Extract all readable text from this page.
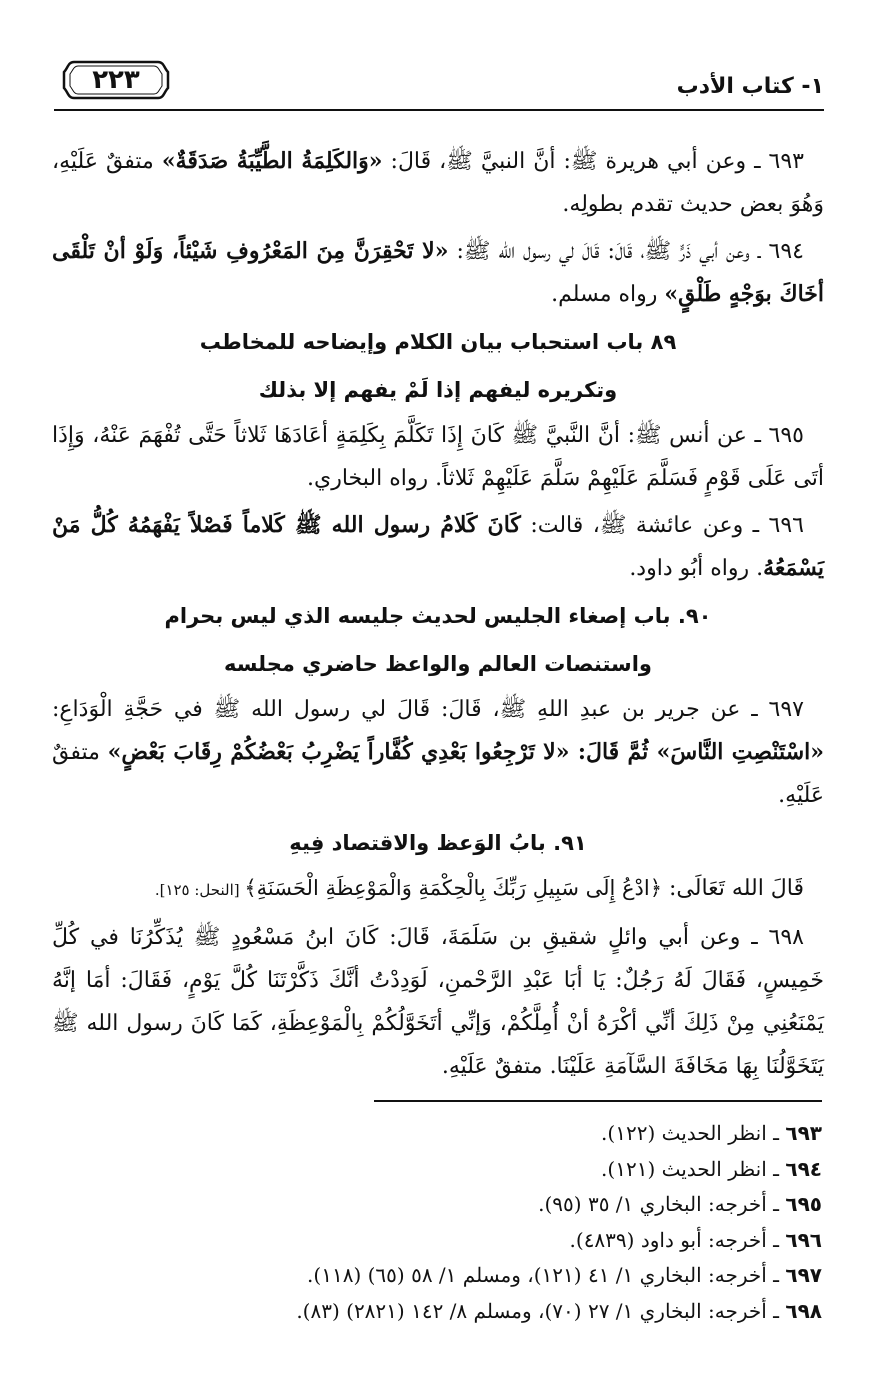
١- كتاب الأدب
٢٢٣

٦٩٣ ـ وعن أبي هريرة ﷺ: أنَّ النبيَّ ﷺ، قَالَ: «وَالكَلِمَةُ الطَّيِّبَةُ صَدَقَةٌ» متفقٌ عَلَيْهِ، وَهُوَ بعض حديث تقدم بطولِه.

٦٩٤ ـ وعن أبي ذَرٍّ ﷺ، قَالَ: قَالَ لي رسول الله ﷺ: «لا تَحْقِرَنَّ مِنَ المَعْرُوفِ شَيْئاً، وَلَوْ أنْ تَلْقَى أخَاكَ بوَجْهٍ طَلْقٍ» رواه مسلم.

٨٩ باب استحباب بيان الكلام وإيضاحه للمخاطب
وتكريره ليفهم إذا لَمْ يفهم إلا بذلك

٦٩٥ ـ عن أنس ﷺ: أنَّ النَّبيَّ ﷺ كَانَ إِذَا تَكَلَّمَ بِكَلِمَةٍ أعَادَهَا ثَلاثاً حَتَّى تُفْهَمَ عَنْهُ، وَإِذَا أتَى عَلَى قَوْمٍ فَسَلَّمَ عَلَيْهِمْ سَلَّمَ عَلَيْهِمْ ثَلاثاً. رواه البخاري.

٦٩٦ ـ وعن عائشة ﷺ، قالت: كَانَ كَلامُ رسول الله ﷺ كَلاماً فَصْلاً يَفْهَمُهُ كُلُّ مَنْ يَسْمَعُهُ. رواه أبُو داود.

٩٠. باب إصغاء الجليس لحديث جليسه الذي ليس بحرام
واستنصات العالم والواعظ حاضري مجلسه

٦٩٧ ـ عن جرير بن عبدِ اللهِ ﷺ، قَالَ: قَالَ لي رسول الله ﷺ في حَجَّةِ الْوَدَاعِ: «اسْتَنْصِتِ النَّاسَ» ثُمَّ قَالَ: «لا تَرْجِعُوا بَعْدِي كُفَّاراً يَضْرِبُ بَعْضُكُمْ رِقَابَ بَعْضٍ» متفقٌ عَلَيْهِ.

٩١. بابُ الوَعظ والاقتصاد فِيهِ

قَالَ الله تَعَالَى: ﴿ادْعُ إِلَى سَبِيلِ رَبِّكَ بِالْحِكْمَةِ وَالْمَوْعِظَةِ الْحَسَنَةِ﴾ [النحل: ١٢٥].

٦٩٨ ـ وعن أبي وائلٍ شقيقِ بن سَلَمَةَ، قَالَ: كَانَ ابنُ مَسْعُودٍ ﷺ يُذَكِّرُنَا في كُلِّ خَمِيسٍ، فَقَالَ لَهُ رَجُلٌ: يَا أبَا عَبْدِ الرَّحْمنِ، لَوَدِدْتُ أنَّكَ ذَكَّرْتَنَا كُلَّ يَوْمٍ، فَقَالَ: أمَا إنَّهُ يَمْنَعُنِي مِنْ ذَلِكَ أنِّي أكْرَهُ أنْ أُمِلَّكُمْ، وَإنِّي أتَخَوَّلُكُمْ بِالْمَوْعِظَةِ، كَمَا كَانَ رسول الله ﷺ يَتَخَوَّلُنَا بِهَا مَخَافَةَ السَّآمَةِ عَلَيْنَا. متفقٌ عَلَيْهِ.

٦٩٣ ـ انظر الحديث (١٢٢).

٦٩٤ ـ انظر الحديث (١٢١).

٦٩٥ ـ أخرجه: البخاري ١/ ٣٥ (٩٥).

٦٩٦ ـ أخرجه: أبو داود (٤٨٣٩).

٦٩٧ ـ أخرجه: البخاري ١/ ٤١ (١٢١)، ومسلم ١/ ٥٨ (٦٥) (١١٨).

٦٩٨ ـ أخرجه: البخاري ١/ ٢٧ (٧٠)، ومسلم ٨/ ١٤٢ (٢٨٢١) (٨٣).
